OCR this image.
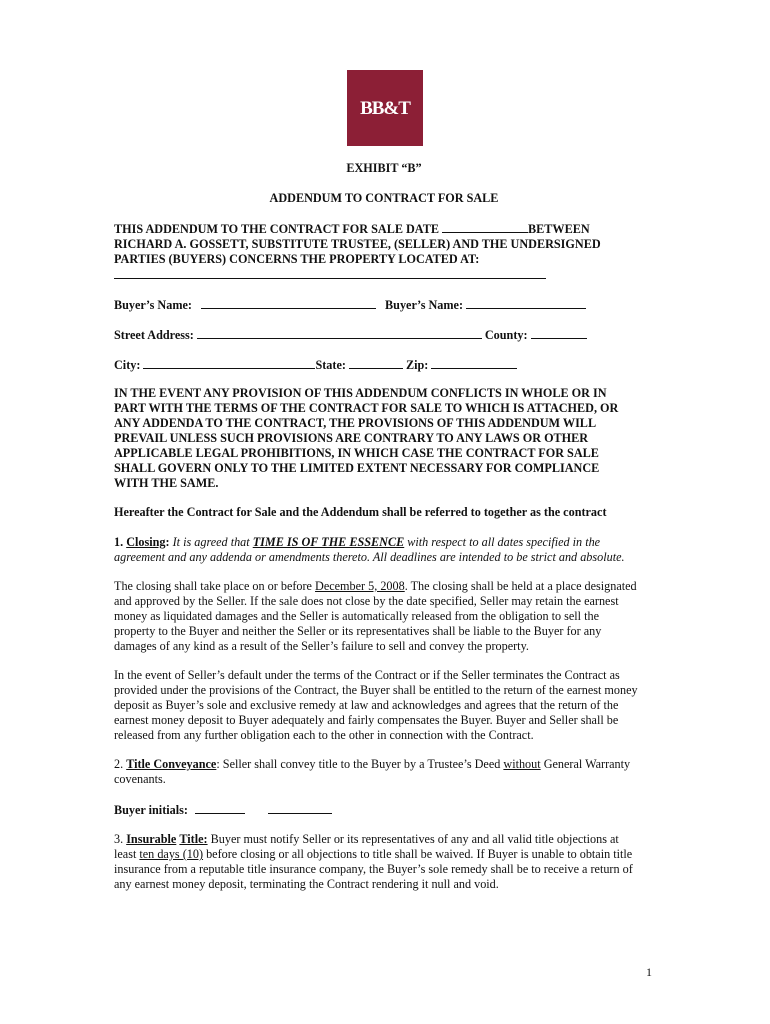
BB&T
EXHIBIT “B”
ADDENDUM TO CONTRACT FOR SALE

THIS ADDENDUM TO THE CONTRACT FOR SALE DATE	BETWEEN

RICHARD A. GOSSETT, SUBSTITUTE TRUSTEE, (SELLER) AND THE UNDERSIGNED

PARTIES (BUYERS) CONCERNS THE PROPERTY LOCATED AT:

Buyer’s Name:	Buyer’s Name:
Street Address:	County:
City:	State:	Zip:

IN THE EVENT ANY PROVISION OF THIS ADDENDUM CONFLICTS IN WHOLE OR IN

PART WITH THE TERMS OF THE CONTRACT FOR SALE TO WHICH IS ATTACHED, OR

ANY ADDENDA TO THE CONTRACT, THE PROVISIONS OF THIS ADDENDUM WILL

PREVAIL UNLESS SUCH PROVISIONS ARE CONTRARY TO ANY LAWS OR OTHER

APPLICABLE LEGAL PROHIBITIONS, IN WHICH CASE THE CONTRACT FOR SALE

SHALL GOVERN ONLY TO THE LIMITED EXTENT NECESSARY FOR COMPLIANCE

WITH THE SAME.

Hereafter the Contract for Sale and the Addendum shall be referred to together as the contract

1. Closing: It is agreed that TIME IS OF THE ESSENCE with respect to all dates specified in the

agreement and any addenda or amendments thereto. All deadlines are intended to be strict and absolute.

The closing shall take place on or before December 5, 2008. The closing shall be held at a place designated

and approved by the Seller. If the sale does not close by the date specified, Seller may retain the earnest

money as liquidated damages and the Seller is automatically released from the obligation to sell the

property to the Buyer and neither the Seller or its representatives shall be liable to the Buyer for any

damages of any kind as a result of the Seller’s failure to sell and convey the property.

In the event of Seller’s default under the terms of the Contract or if the Seller terminates the Contract as

provided under the provisions of the Contract, the Buyer shall be entitled to the return of the earnest money

deposit as Buyer’s sole and exclusive remedy at law and acknowledges and agrees that the return of the

earnest money deposit to Buyer adequately and fairly compensates the Buyer. Buyer and Seller shall be

released from any further obligation each to the other in connection with the Contract.

2. Title Conveyance: Seller shall convey title to the Buyer by a Trustee’s Deed without General Warranty

covenants.

Buyer initials:

3. Insurable Title: Buyer must notify Seller or its representatives of any and all valid title objections at

least ten days (10) before closing or all objections to title shall be waived. If Buyer is unable to obtain title

insurance from a reputable title insurance company, the Buyer’s sole remedy shall be to receive a return of

any earnest money deposit, terminating the Contract rendering it null and void.

1
